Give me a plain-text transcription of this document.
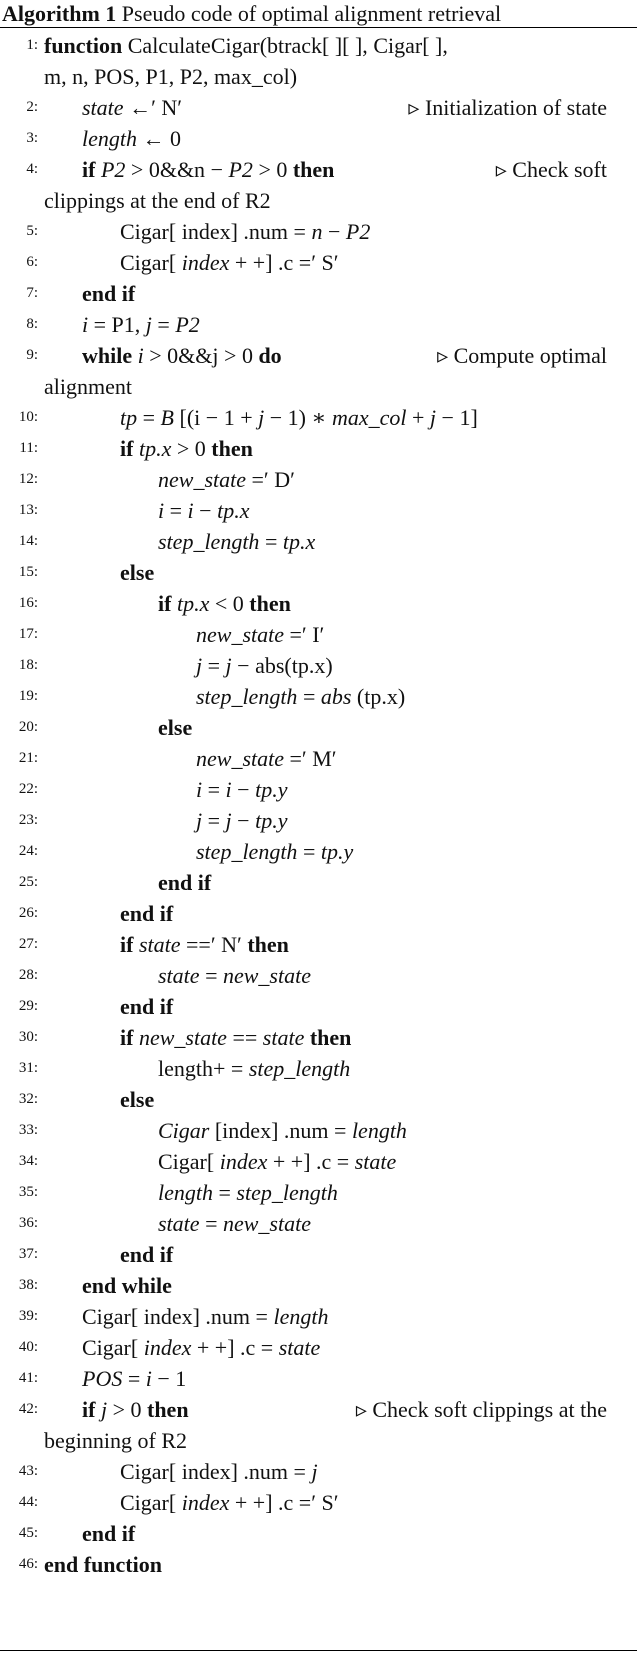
Algorithm 1 Pseudo code of optimal alignment retrieval
1: function CalculateCigar(btrack[ ][ ], Cigar[ ],
m, n, POS, P1, P2, max_col)
2: state ←′ N′	▹ Initialization of state
3: length ← 0
4: if P2 > 0&&n − P2 > 0 then	▹ Check soft
clippings at the end of R2
5:	Cigar[ index] .num = n − P2
6:	Cigar[ index + +] .c =′ S′
7: end if
8: i = P1, j = P2
9: while i > 0&&j > 0 do	▹ Compute optimal
alignment
10:	tp = B [(i − 1 + j − 1) ∗ max_col + j − 1]
11:	if tp.x > 0 then
12:	new_state =′ D′
13:	i = i − tp.x
14:	step_length = tp.x
15:	else
16:	if tp.x < 0 then
17:	new_state =′ I′
18:	j = j − abs(tp.x)
19:	step_length = abs (tp.x)
20:	else
21:	new_state =′ M′
22:	i = i − tp.y
23:	j = j − tp.y
24:	step_length = tp.y
25:	end if
26:	end if
27:	if state ==′ N′ then
28:	state = new_state
29:	end if
30:	if new_state == state then
31:	length+ = step_length
32:	else
33:	Cigar [index] .num = length
34:	Cigar[ index + +] .c = state
35:	length = step_length
36:	state = new_state
37:	end if
38: end while
39: Cigar[ index] .num = length
40: Cigar[ index + +] .c = state
41: POS = i − 1
42: if j > 0 then	▹ Check soft clippings at the
beginning of R2
43:	Cigar[ index] .num = j
44:	Cigar[ index + +] .c =′ S′
45: end if
46: end function
